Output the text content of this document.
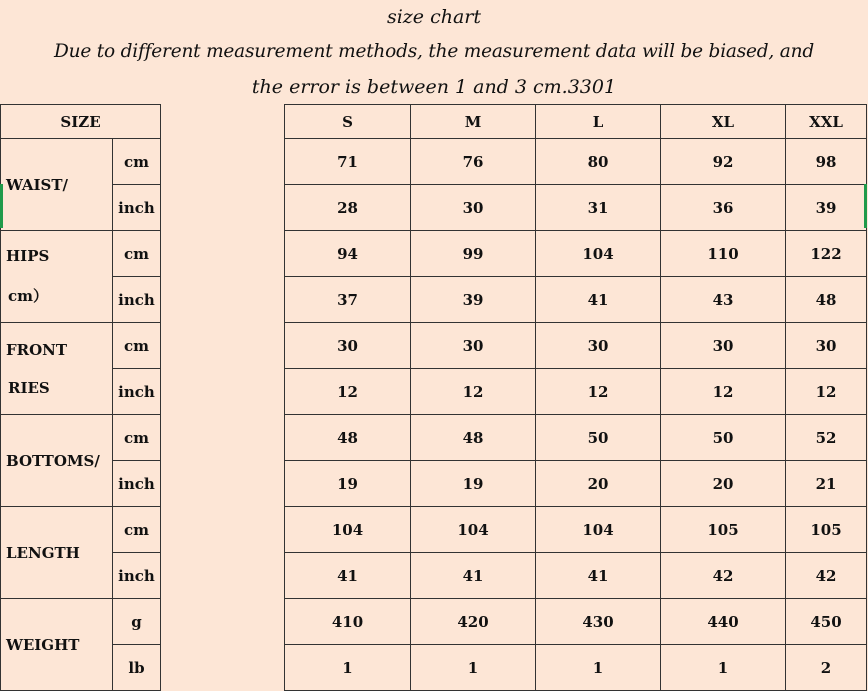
size chart
Due to different measurement methods, the measurement data will be biased, and
the error is between 1 and 3 cm.3301
SIZE			S	M	L	XL	XXL

WAIST/	cm		71	76	80	92	98
	inch		28	30	31	36	39

HIPS
cm）	cm		94	99	104	110	122
	inch		37	39	41	43	48

FRONT
RIES	cm		30	30	30	30	30
	inch		12	12	12	12	12

BOTTOMS/	cm		48	48	50	50	52
	inch		19	19	20	20	21

LENGTH	cm		104	104	104	105	105
	inch		41	41	41	42	42

WEIGHT	g		410	420	430	440	450
	lb		1	1	1	1	2
